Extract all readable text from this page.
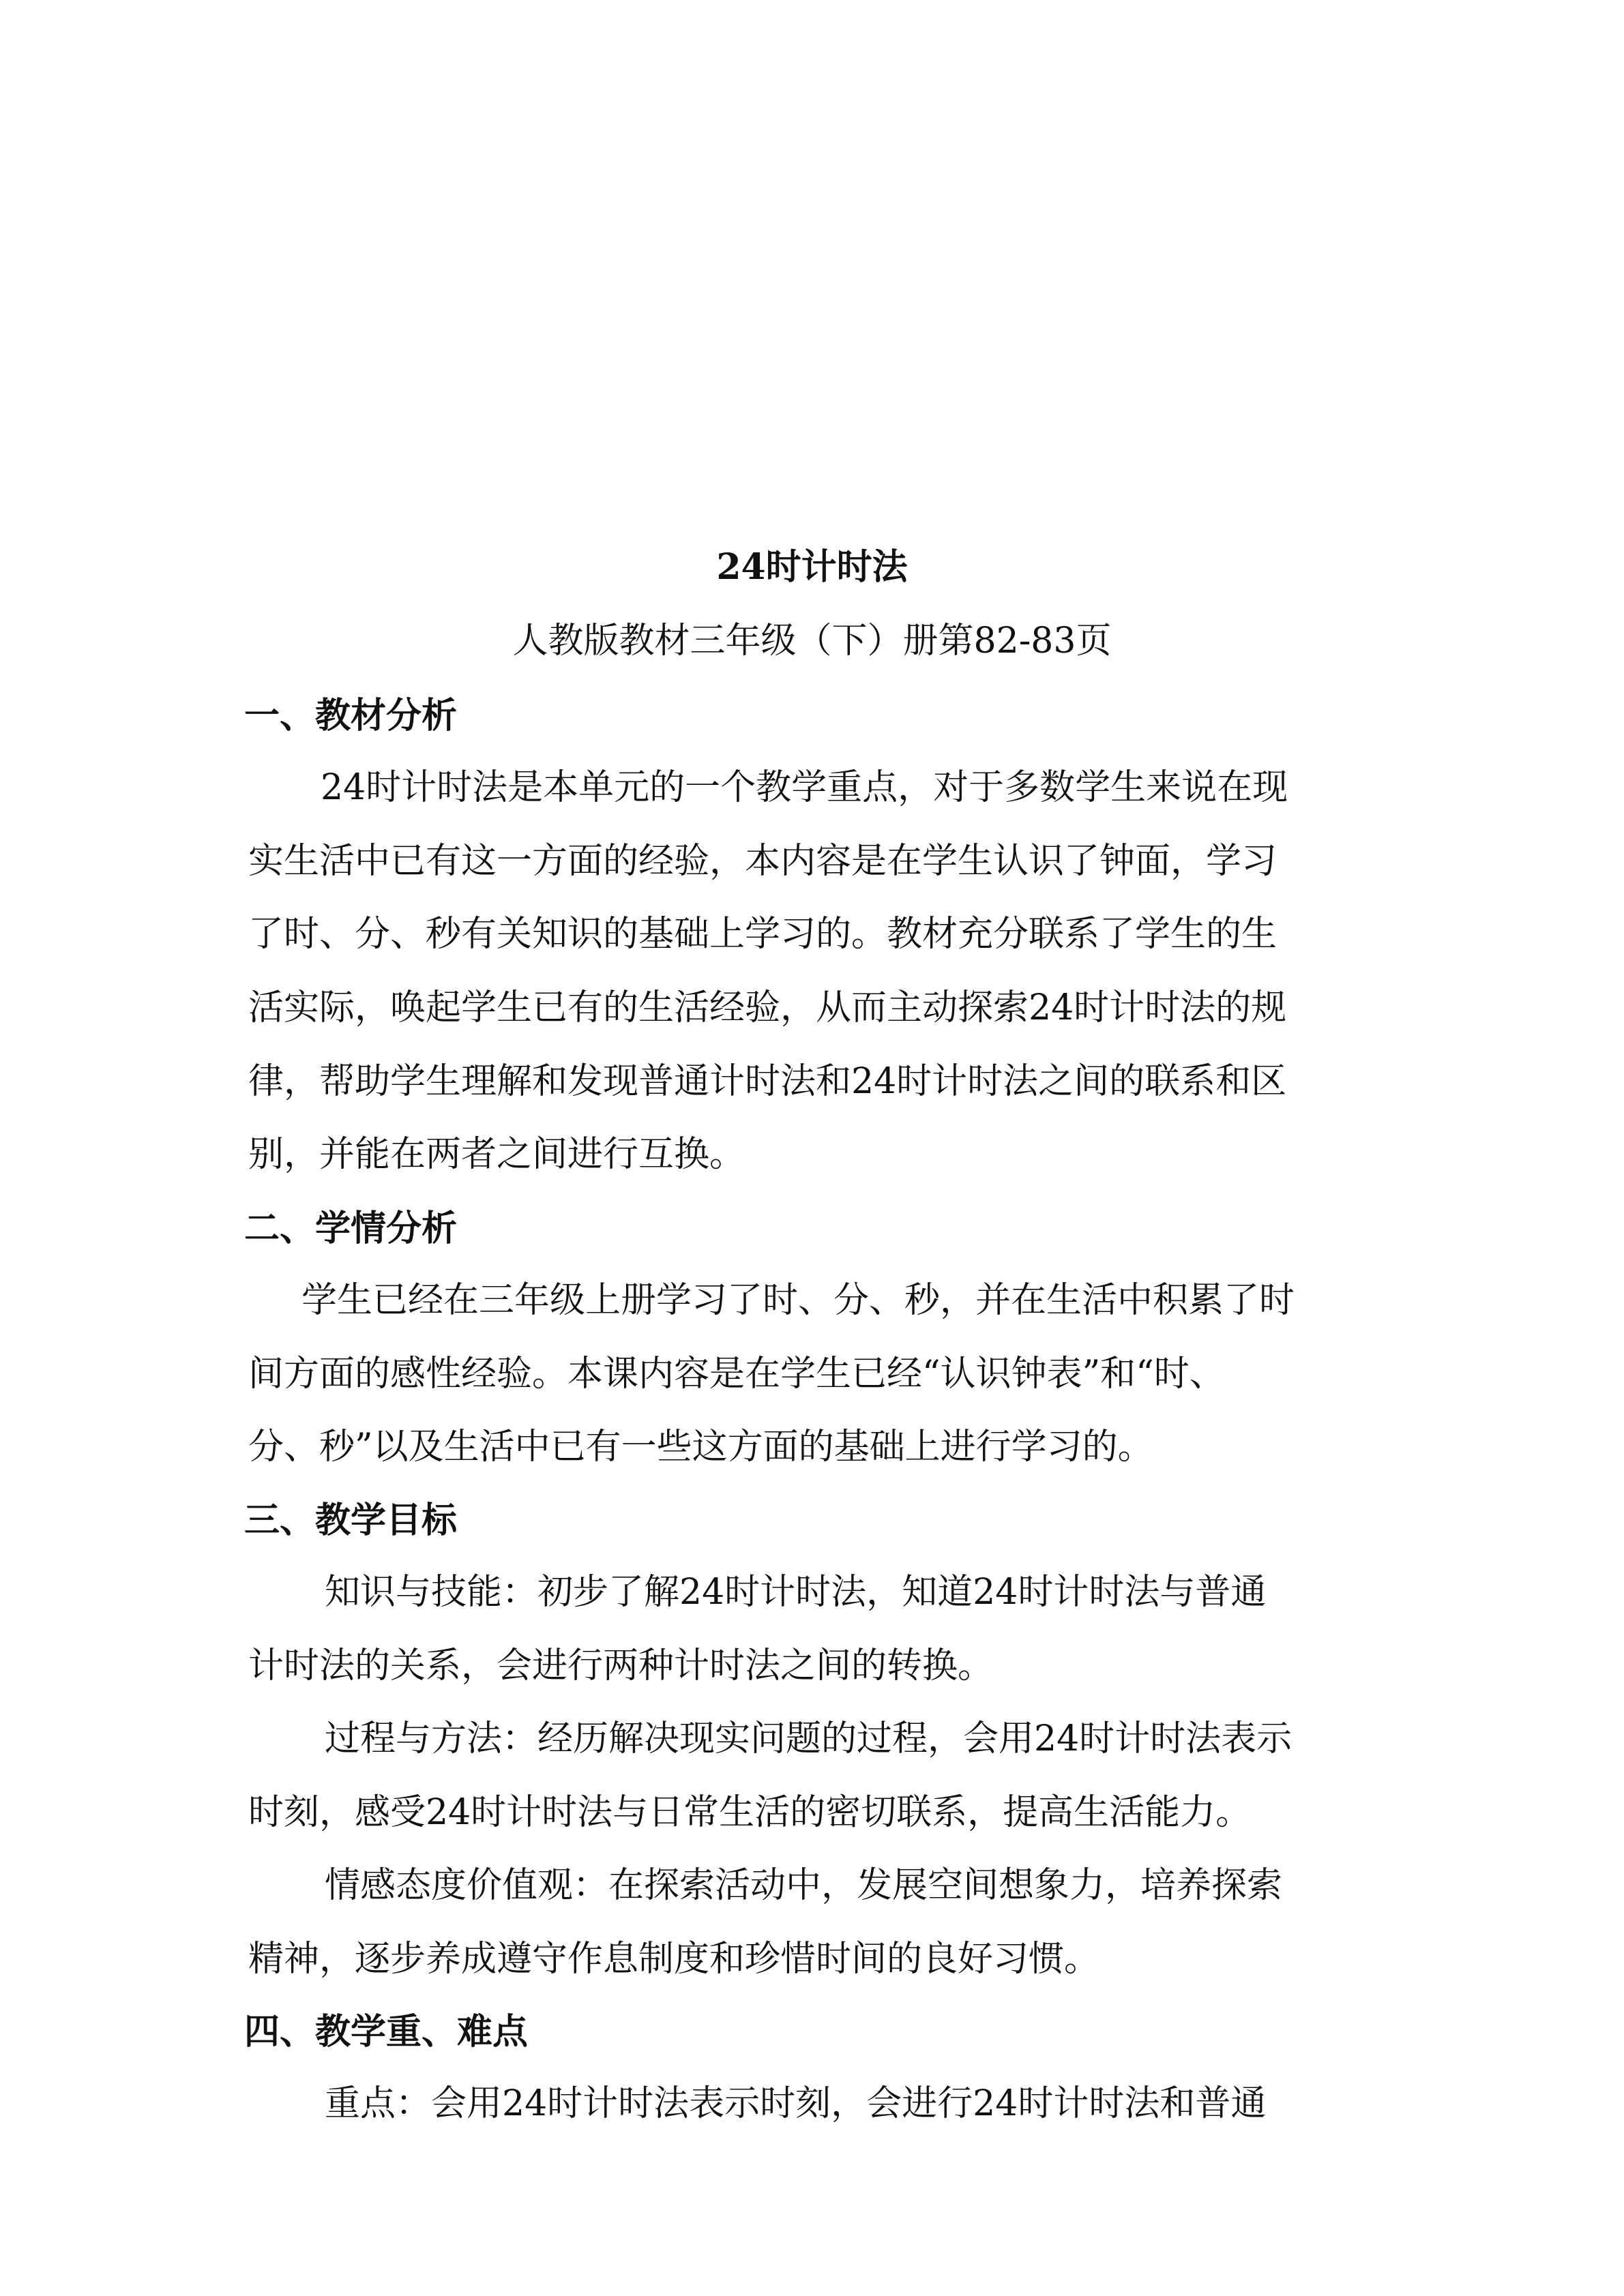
24时计时法
人教版教材三年级（下）册第82-83页
一、教材分析
24时计时法是本单元的一个教学重点，对于多数学生来说在现
实生活中已有这一方面的经验，本内容是在学生认识了钟面，学习
了时、分、秒有关知识的基础上学习的。教材充分联系了学生的生
活实际，唤起学生已有的生活经验，从而主动探索24时计时法的规
律，帮助学生理解和发现普通计时法和24时计时法之间的联系和区
别，并能在两者之间进行互换。
二、学情分析
学生已经在三年级上册学习了时、分、秒，并在生活中积累了时
间方面的感性经验。本课内容是在学生已经“认识钟表”和“时、
分、秒”以及生活中已有一些这方面的基础上进行学习的。
三、教学目标
知识与技能：初步了解24时计时法，知道24时计时法与普通
计时法的关系，会进行两种计时法之间的转换。
过程与方法：经历解决现实问题的过程，会用24时计时法表示
时刻，感受24时计时法与日常生活的密切联系，提高生活能力。
情感态度价值观：在探索活动中，发展空间想象力，培养探索
精神，逐步养成遵守作息制度和珍惜时间的良好习惯。
四、教学重、难点
重点：会用24时计时法表示时刻，会进行24时计时法和普通
